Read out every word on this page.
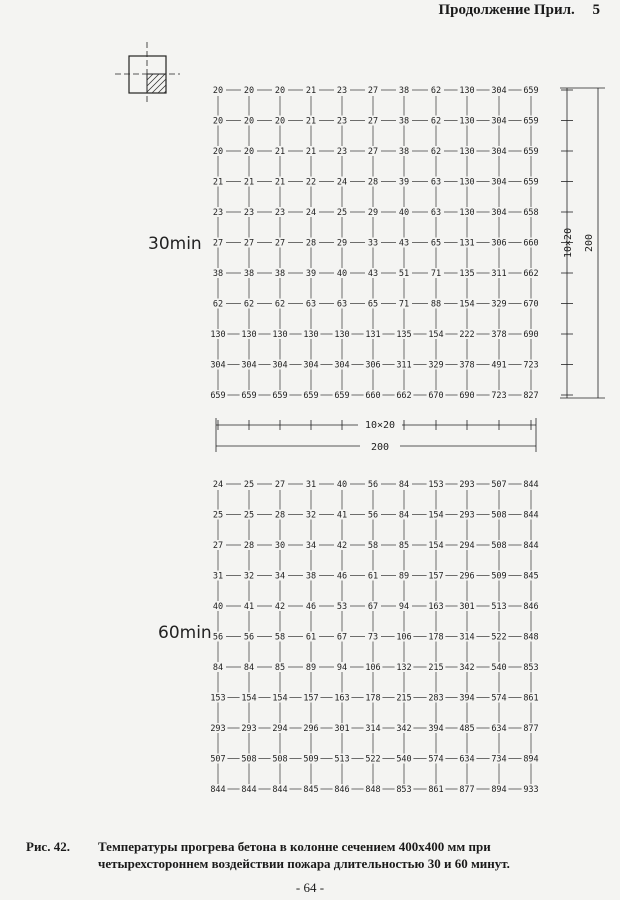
Продолжение Прил. 5
20 20 20 21 23 27 38	62 130 304 659
20 20 20 21 23 27 38	62 130 304 659
20 20 21 21 23 27 38	62 130 304 659
21 21 21 22 24 28 39	63 130 304 659
23 23 23 24 25 29 40	63 130 304 658
27 27 27 28 29 33 43	65 131 306 660
38 38 38 39 40 43 51	71 135 311 662
62 62 62 63 63 65 71	88 154 329 670
130 130 130 130 130 131 135 154 222 378 690
304 304 304 304 304 306 311 329 378 491 723
659 659 659 659 659 660 662 670 690 723 827
30min	10×20 200
10×20
200
24 25 27 31 40 56 84 153 293 507 844
25 25 28 32 41 56 84 154 293 508 844
27 28 30 34 42 58 85 154 294 508 844
31 32 34 38 46 61 89 157 296 509 845
40 41 42 46 53 67 94 163 301 513 846
56 56 58 61 67 73 106 178 314 522 848
84 84 85 89 94 106 132 215 342 540 853
153 154 154 157 163 178 215 283 394 574 861
293 293 294 296 301 314 342 394 485 634 877
507 508 508 509 513 522 540 574 634 734 894
844 844 844 845 846 848 853 861 877 894 933
60min
Рис. 42. Температуры прогрева бетона в колонне сечением 400х400 мм при четырехстороннем воздействии пожара длительностью 30 и 60 минут.
- 64 -
